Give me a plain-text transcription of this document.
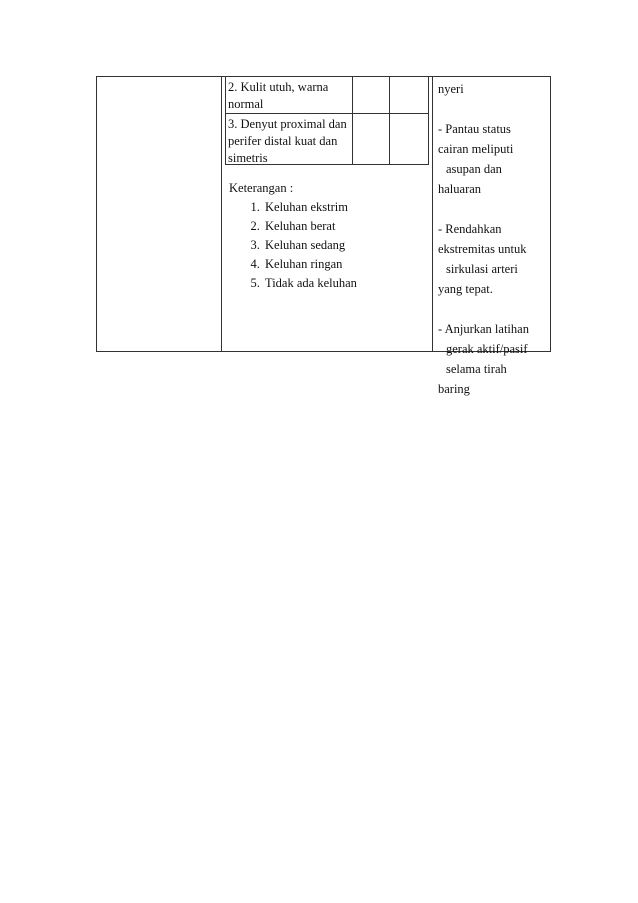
2. Kulit utuh, warna normal
3. Denyut proximal dan perifer distal kuat dan simetris
Keterangan :
1. Keluhan ekstrim
2. Keluhan berat
3. Keluhan sedang
4. Keluhan ringan
5. Tidak ada keluhan

nyeri

- Pantau status

cairan meliputi

asupan dan

haluaran

- Rendahkan

ekstremitas untuk

sirkulasi arteri

yang tepat.

- Anjurkan latihan

gerak aktif/pasif

selama tirah

baring
